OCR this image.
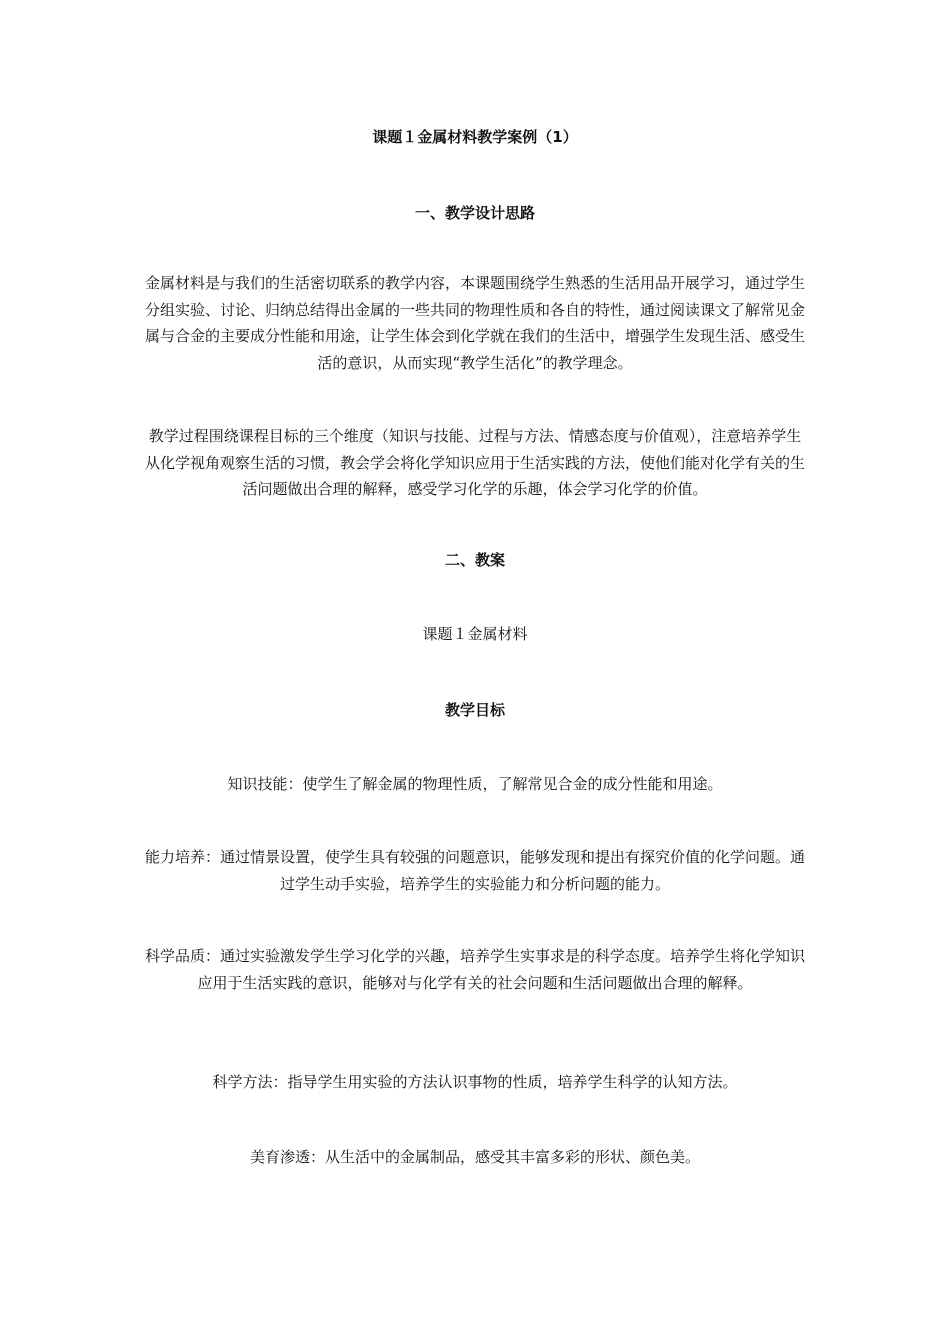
课题１金属材料教学案例（1）
一、教学设计思路

金属材料是与我们的生活密切联系的教学内容，本课题围绕学生熟悉的生活用品开展学习，通过学生分组实验、讨论、归纳总结得出金属的一些共同的物理性质和各自的特性，通过阅读课文了解常见金属与合金的主要成分性能和用途，让学生体会到化学就在我们的生活中，增强学生发现生活、感受生活的意识，从而实现“教学生活化”的教学理念。

教学过程围绕课程目标的三个维度（知识与技能、过程与方法、情感态度与价值观），注意培养学生从化学视角观察生活的习惯，教会学会将化学知识应用于生活实践的方法，使他们能对化学有关的生活问题做出合理的解释，感受学习化学的乐趣，体会学习化学的价值。

二、教案
课题１金属材料
教学目标

知识技能：使学生了解金属的物理性质，了解常见合金的成分性能和用途。

能力培养：通过情景设置，使学生具有较强的问题意识，能够发现和提出有探究价值的化学问题。通过学生动手实验，培养学生的实验能力和分析问题的能力。

科学品质：通过实验激发学生学习化学的兴趣，培养学生实事求是的科学态度。培养学生将化学知识应用于生活实践的意识，能够对与化学有关的社会问题和生活问题做出合理的解释。

科学方法：指导学生用实验的方法认识事物的性质，培养学生科学的认知方法。

美育渗透：从生活中的金属制品，感受其丰富多彩的形状、颜色美。
